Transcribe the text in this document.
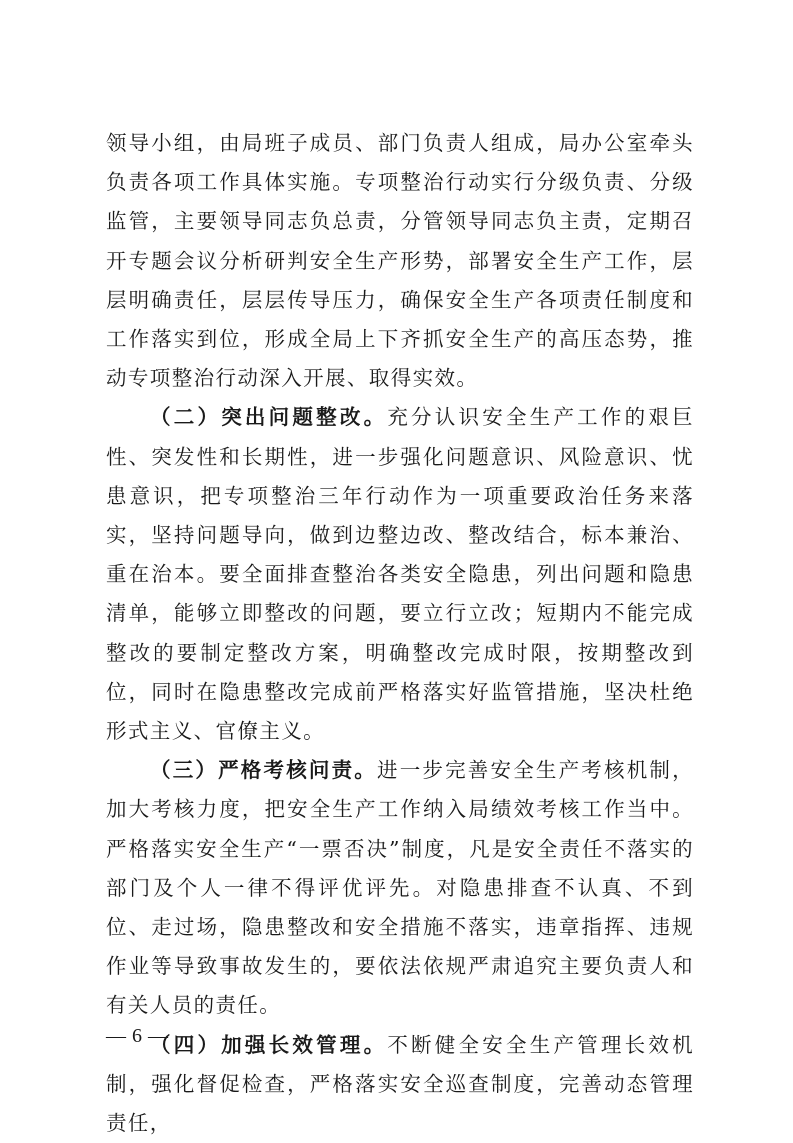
领导小组，由局班子成员、部门负责人组成，局办公室牵头负责各项工作具体实施。专项整治行动实行分级负责、分级监管，主要领导同志负总责，分管领导同志负主责，定期召开专题会议分析研判安全生产形势，部署安全生产工作，层层明确责任，层层传导压力，确保安全生产各项责任制度和工作落实到位，形成全局上下齐抓安全生产的高压态势，推动专项整治行动深入开展、取得实效。

（二）突出问题整改。充分认识安全生产工作的艰巨性、突发性和长期性，进一步强化问题意识、风险意识、忧患意识，把专项整治三年行动作为一项重要政治任务来落实，坚持问题导向，做到边整边改、整改结合，标本兼治、重在治本。要全面排查整治各类安全隐患，列出问题和隐患清单，能够立即整改的问题，要立行立改；短期内不能完成整改的要制定整改方案，明确整改完成时限，按期整改到位，同时在隐患整改完成前严格落实好监管措施，坚决杜绝形式主义、官僚主义。

（三）严格考核问责。进一步完善安全生产考核机制，加大考核力度，把安全生产工作纳入局绩效考核工作当中。严格落实安全生产“一票否决”制度，凡是安全责任不落实的部门及个人一律不得评优评先。对隐患排查不认真、不到位、走过场，隐患整改和安全措施不落实，违章指挥、违规作业等导致事故发生的，要依法依规严肃追究主要负责人和有关人员的责任。

（四）加强长效管理。不断健全安全生产管理长效机制，强化督促检查，严格落实安全巡查制度，完善动态管理责任，

— 6 —
